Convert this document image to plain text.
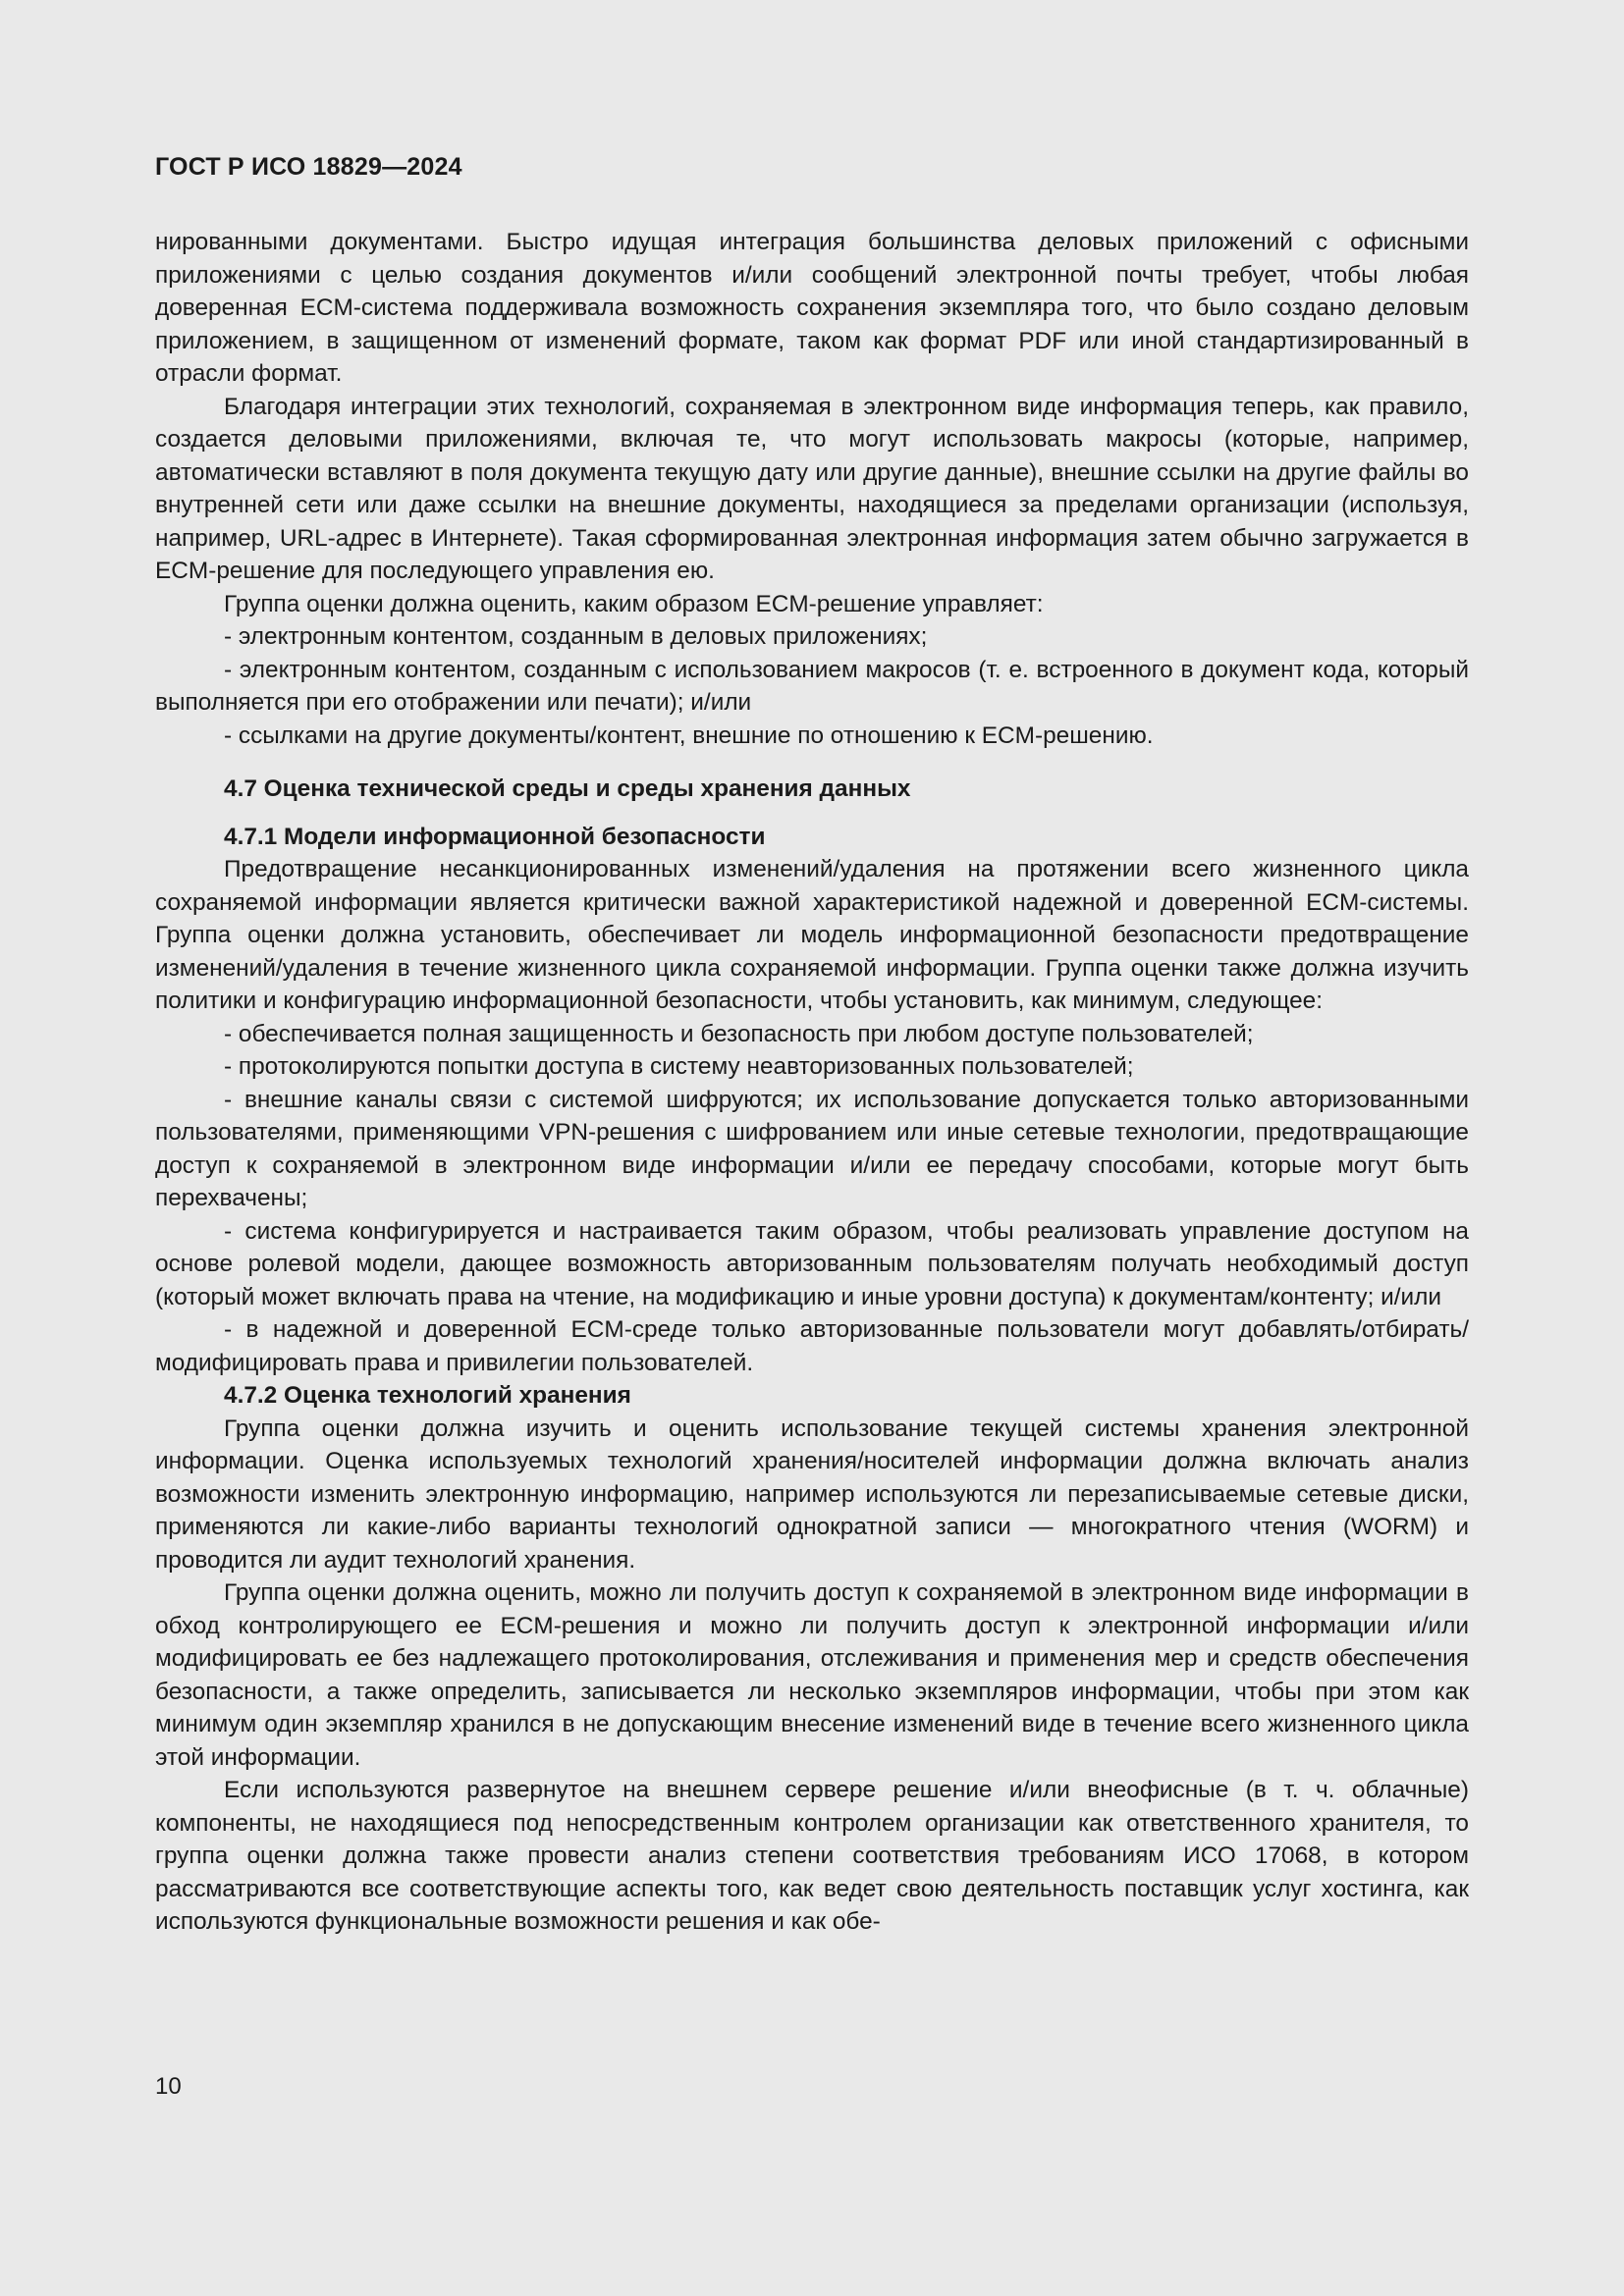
ГОСТ Р ИСО 18829—2024

нированными документами. Быстро идущая интеграция большинства деловых приложений с офисными приложениями с целью создания документов и/или сообщений электронной почты требует, чтобы любая доверенная ECM-система поддерживала возможность сохранения экземпляра того, что было создано деловым приложением, в защищенном от изменений формате, таком как формат PDF или иной стандартизированный в отрасли формат.

Благодаря интеграции этих технологий, сохраняемая в электронном виде информация теперь, как правило, создается деловыми приложениями, включая те, что могут использовать макросы (которые, например, автоматически вставляют в поля документа текущую дату или другие данные), внешние ссылки на другие файлы во внутренней сети или даже ссылки на внешние документы, находящиеся за пределами организации (используя, например, URL-адрес в Интернете). Такая сформированная электронная информация затем обычно загружается в ECM-решение для последующего управления ею.

Группа оценки должна оценить, каким образом ECM-решение управляет:

- электронным контентом, созданным в деловых приложениях;

- электронным контентом, созданным с использованием макросов (т. е. встроенного в документ кода, который выполняется при его отображении или печати); и/или

- ссылками на другие документы/контент, внешние по отношению к ECM-решению.

4.7 Оценка технической среды и среды хранения данных
4.7.1 Модели информационной безопасности

Предотвращение несанкционированных изменений/удаления на протяжении всего жизненного цикла сохраняемой информации является критически важной характеристикой надежной и доверенной ECM-системы. Группа оценки должна установить, обеспечивает ли модель информационной безопасности предотвращение изменений/удаления в течение жизненного цикла сохраняемой информации. Группа оценки также должна изучить политики и конфигурацию информационной безопасности, чтобы установить, как минимум, следующее:

- обеспечивается полная защищенность и безопасность при любом доступе пользователей;

- протоколируются попытки доступа в систему неавторизованных пользователей;

- внешние каналы связи с системой шифруются; их использование допускается только авторизованными пользователями, применяющими VPN-решения с шифрованием или иные сетевые технологии, предотвращающие доступ к сохраняемой в электронном виде информации и/или ее передачу способами, которые могут быть перехвачены;

- система конфигурируется и настраивается таким образом, чтобы реализовать управление доступом на основе ролевой модели, дающее возможность авторизованным пользователям получать необходимый доступ (который может включать права на чтение, на модификацию и иные уровни доступа) к документам/контенту; и/или

- в надежной и доверенной ECM-среде только авторизованные пользователи могут добавлять/отбирать/модифицировать права и привилегии пользователей.

4.7.2 Оценка технологий хранения

Группа оценки должна изучить и оценить использование текущей системы хранения электронной информации. Оценка используемых технологий хранения/носителей информации должна включать анализ возможности изменить электронную информацию, например используются ли перезаписываемые сетевые диски, применяются ли какие-либо варианты технологий однократной записи — многократного чтения (WORM) и проводится ли аудит технологий хранения.

Группа оценки должна оценить, можно ли получить доступ к сохраняемой в электронном виде информации в обход контролирующего ее ECM-решения и можно ли получить доступ к электронной информации и/или модифицировать ее без надлежащего протоколирования, отслеживания и применения мер и средств обеспечения безопасности, а также определить, записывается ли несколько экземпляров информации, чтобы при этом как минимум один экземпляр хранился в не допускающим внесение изменений виде в течение всего жизненного цикла этой информации.

Если используются развернутое на внешнем сервере решение и/или внеофисные (в т. ч. облачные) компоненты, не находящиеся под непосредственным контролем организации как ответственного хранителя, то группа оценки должна также провести анализ степени соответствия требованиям ИСО 17068, в котором рассматриваются все соответствующие аспекты того, как ведет свою деятельность поставщик услуг хостинга, как используются функциональные возможности решения и как обе-

10
